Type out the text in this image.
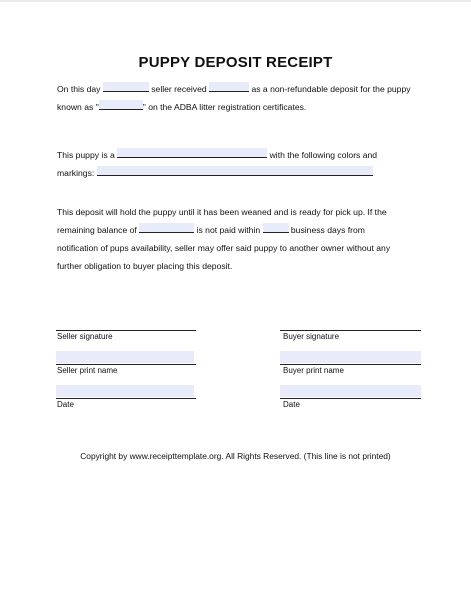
PUPPY DEPOSIT RECEIPT
On this day	seller received	as a non-refundable deposit for the puppy
known as "	" on the ADBA litter registration certificates.
This puppy is a	with the following colors and
markings:
This deposit will hold the puppy until it has been weaned and is ready for pick up. If the
remaining balance of	is not paid within	business days from
notification of pups availability, seller may offer said puppy to another owner without any
further obligation to buyer placing this deposit.
Seller signature
Seller print name
Date
Buyer signature
Buyer print name
Date
Copyright by www.receipttemplate.org. All Rights Reserved. (This line is not printed)
